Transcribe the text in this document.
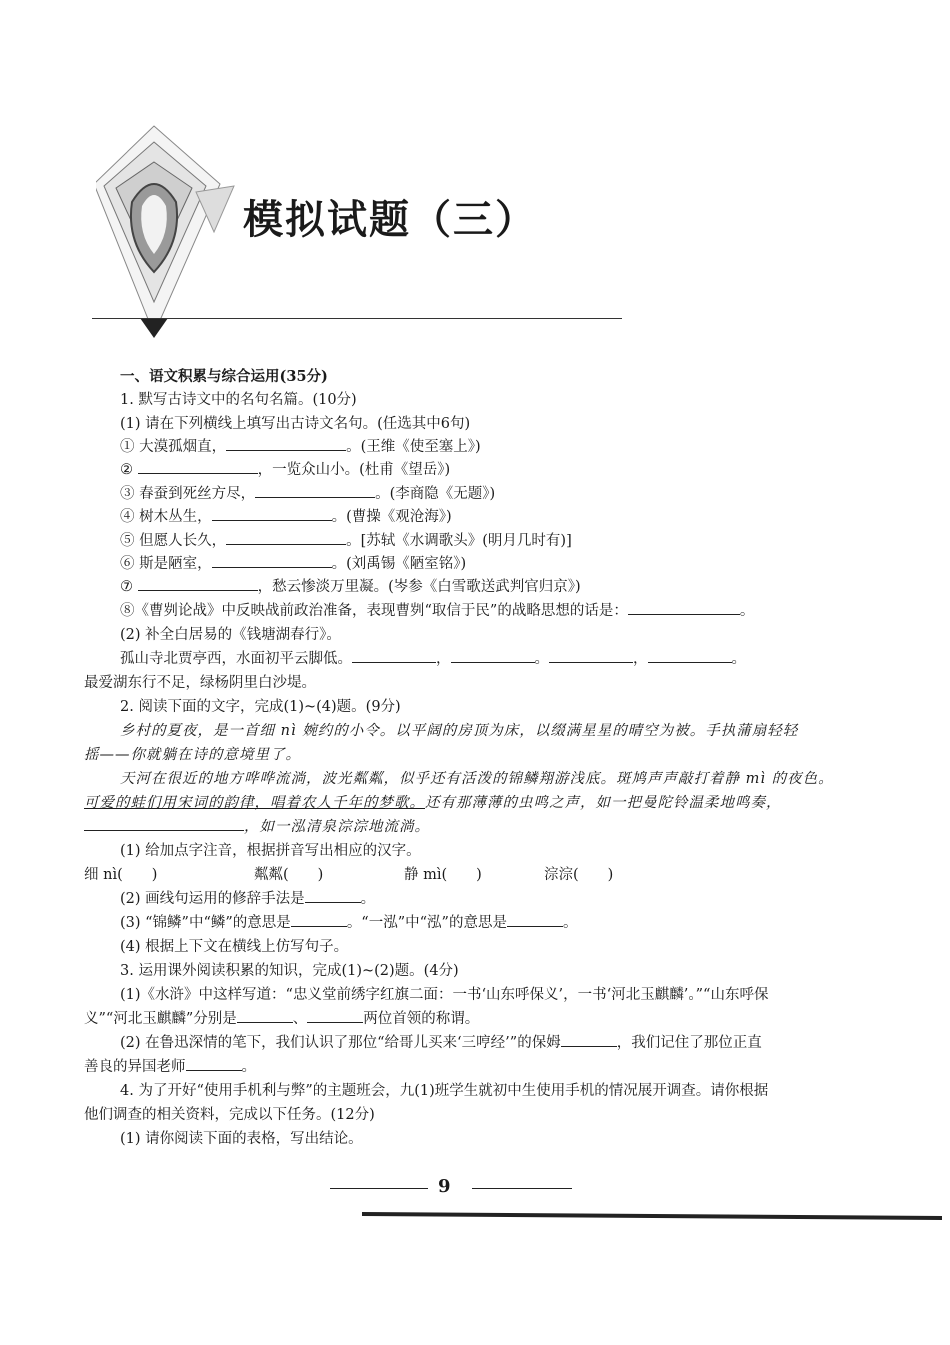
模拟试题（三）
一、语文积累与综合运用(35分)
1. 默写古诗文中的名句名篇。(10分)
(1) 请在下列横线上填写出古诗文名句。(任选其中6句)
① 大漠孤烟直，	。(王维《使至塞上》)
②	，一览众山小。(杜甫《望岳》)
③ 春蚕到死丝方尽，	。(李商隐《无题》)
④ 树木丛生，	。(曹操《观沧海》)
⑤ 但愿人长久，	。[苏轼《水调歌头》(明月几时有)]
⑥ 斯是陋室，	。(刘禹锡《陋室铭》)
⑦	，愁云惨淡万里凝。(岑参《白雪歌送武判官归京》)
⑧《曹刿论战》中反映战前政治准备，表现曹刿“取信于民”的战略思想的话是：	。
(2) 补全白居易的《钱塘湖春行》。
孤山寺北贾亭西，水面初平云脚低。	，	。	，	。
最爱湖东行不足，绿杨阴里白沙堤。
2. 阅读下面的文字，完成(1)~(4)题。(9分)
乡村的夏夜，是一首细 nì 婉约的小令。以平阔的房顶为床，以缀满星星的晴空为被。手执蒲扇轻轻
摇——你就躺在诗的意境里了。
天河在很近的地方哗哗流淌，波光粼粼，似乎还有活泼的锦鳞翔游浅底。斑鸠声声敲打着静 mì 的夜色。
可爱的蛙们用宋词的韵律，唱着农人千年的梦歌。还有那薄薄的虫鸣之声，如一把曼陀铃温柔地鸣奏，
，如一泓清泉淙淙地流淌。
(1) 给加点字注音，根据拼音写出相应的汉字。
细 nì(　　)	粼粼(　　)	静 mì(　　)	淙淙(　　)
(2) 画线句运用的修辞手法是	。
(3) “锦鳞”中“鳞”的意思是	。“一泓”中“泓”的意思是	。
(4) 根据上下文在横线上仿写句子。
3. 运用课外阅读积累的知识，完成(1)~(2)题。(4分)
(1)《水浒》中这样写道：“忠义堂前绣字红旗二面：一书‘山东呼保义’，一书‘河北玉麒麟’。”“山东呼保
义”“河北玉麒麟”分别是	、	两位首领的称谓。
(2) 在鲁迅深情的笔下，我们认识了那位“给哥儿买来‘三哼经’”的保姆	，我们记住了那位正直
善良的异国老师	。
4. 为了开好“使用手机利与弊”的主题班会，九(1)班学生就初中生使用手机的情况展开调查。请你根据
他们调查的相关资料，完成以下任务。(12分)
(1) 请你阅读下面的表格，写出结论。
9
